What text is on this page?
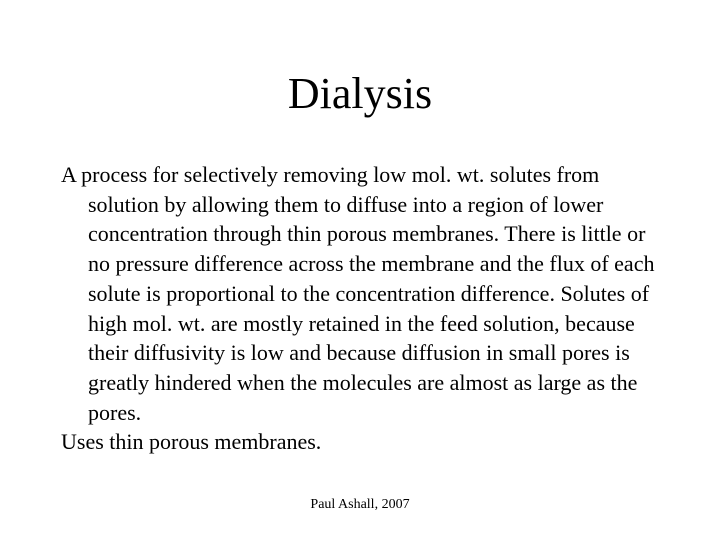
Dialysis

A process for selectively removing low mol. wt. solutes from solution by allowing them to diffuse into a region of lower concentration through thin porous membranes. There is little or no pressure difference across the membrane and the flux of each solute is proportional to the concentration difference. Solutes of high mol. wt. are mostly retained in the feed solution, because their diffusivity is low and because diffusion in small pores is greatly hindered when the molecules are almost as large as the pores.

Uses thin porous membranes.

Paul Ashall, 2007
